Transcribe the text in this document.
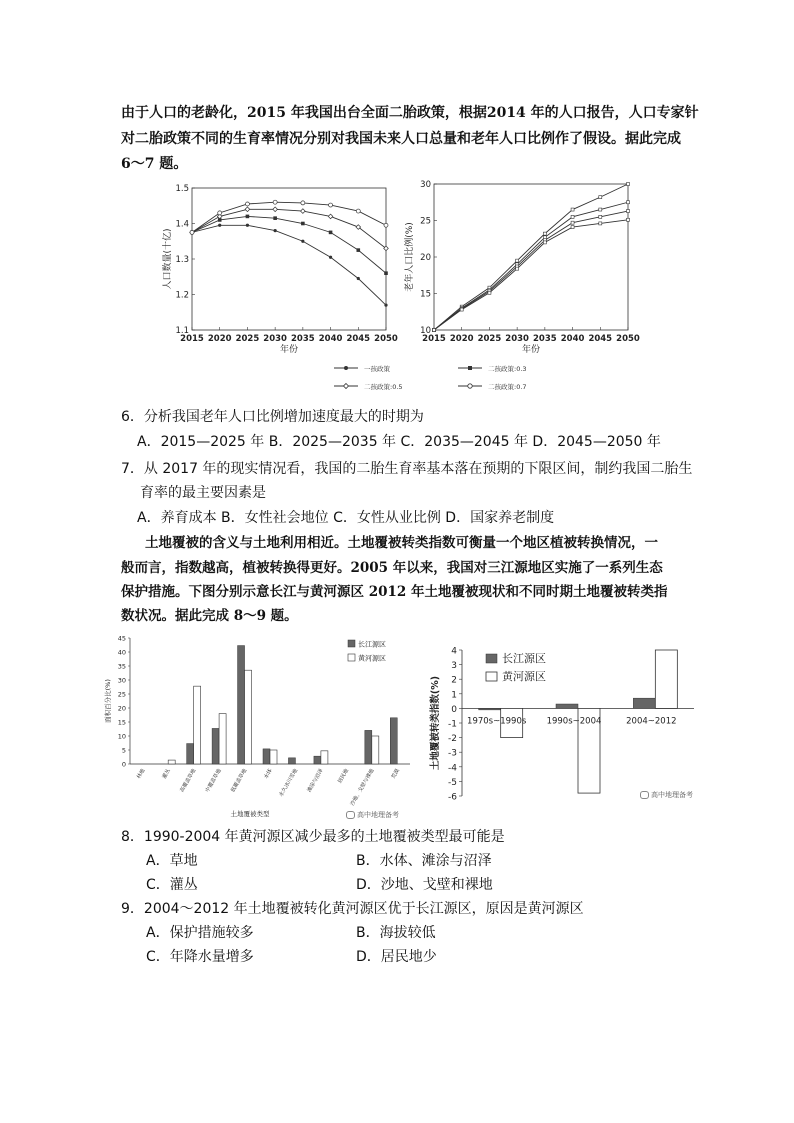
由于人口的老龄化，2015 年我国出台全面二胎政策，根据2014 年的人口报告，人口专家针
对二胎政策不同的生育率情况分别对我国未来人口总量和老年人口比例作了假设。据此完成
6～7 题。
2015 2020 2025 2030 2035 2040 2045 2050
1.1
1.2
1.3
1.4
1.5
年份
人口数量(十亿)
2015 2020 2025 2030 2035 2040 2045 2050
10
15
20
25
30
年份
老年人口比例(%)
一孩政策	二孩政策:0.3
二孩政策:0.5	二孩政策:0.7
6．分析我国老年人口比例增加速度最大的时期为
A．2015—2025 年 B．2025—2035 年 C．2035—2045 年 D．2045—2050 年
7．从 2017 年的现实情况看，我国的二胎生育率基本落在预期的下限区间，制约我国二胎生
育率的最主要因素是
A．养育成本 B．女性社会地位 C．女性从业比例 D．国家养老制度
土地覆被的含义与土地利用相近。土地覆被转类指数可衡量一个地区植被转换情况，一
般而言，指数越高，植被转换得更好。2005 年以来，我国对三江源地区实施了一系列生态
保护措施。下图分别示意长江与黄河源区 2012 年土地覆被现状和不同时期土地覆被转类指
数状况。据此完成 8～9 题。
0
5
10
15
20
25
30
35
40
45
面积百分比(%)
林地	灌丛	高覆盖草地	中覆盖草地	低覆盖草地	水体 永久冰川雪地	滩涂与沼泽	居民地 沙地、戈壁与裸地	荒漠
土地覆被类型
长江源区
黄河源区
-6
-5
-4
-3
-2
-1
0
1
2
3
4
土地覆被转类指数(%)	1970s~1990s 1990s~2004	2004~2012
长江源区
黄河源区
高中地理备考
高中地理备考
8．1990-2004 年黄河源区减少最多的土地覆被类型最可能是
A．草地	B．水体、滩涂与沼泽
C．灌丛	D．沙地、戈壁和裸地
9．2004～2012 年土地覆被转化黄河源区优于长江源区，原因是黄河源区
A．保护措施较多	B．海拔较低
C．年降水量增多	D．居民地少
